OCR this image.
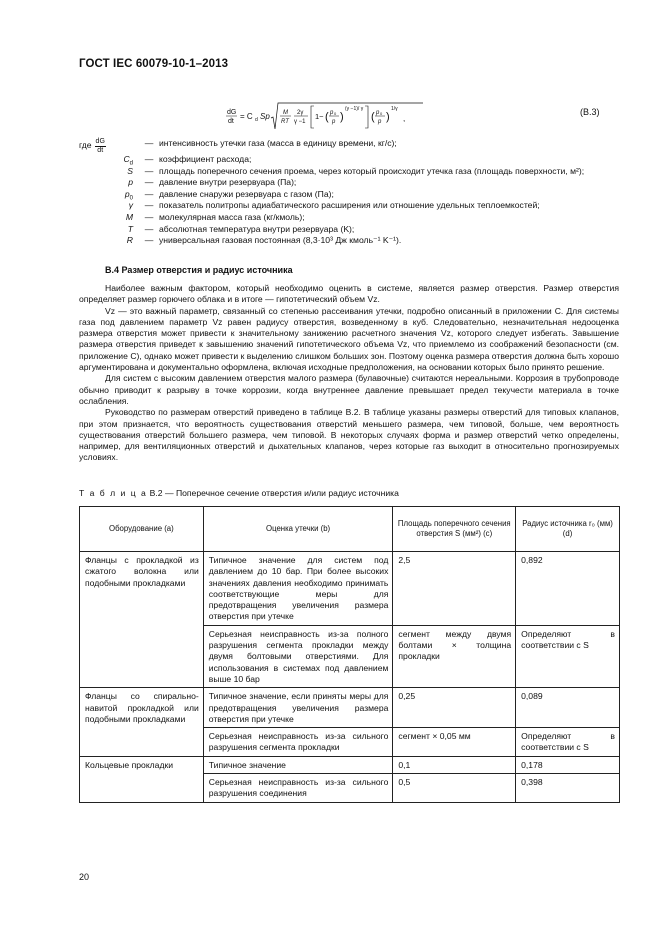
ГОСТ IEC 60079-10-1–2013
dG
dt
= C d Sp M
RT
2γ
γ −1
1− ( p 0
p )
(γ −1)/ γ
( p 0
p )
1/γ
,
(B.3)
где $\frac{dG}{dt}$	— интенсивность утечки газа (масса в единицу времени, кг/с);
$C_d$	— коэффициент расхода;
S	— площадь поперечного сечения проема, через который происходит утечка газа (площадь поверхности, м²);
p	— давление внутри резервуара (Па);
$p_0$	— давление снаружи резервуара с газом (Па);
γ	— показатель политропы адиабатического расширения или отношение удельных теплоемкостей;
M	— молекулярная масса газа (кг/кмоль);
T	— абсолютная температура внутри резервуара (K);
R	— универсальная газовая постоянная (8,3·10³ Дж кмоль⁻¹ K⁻¹).
B.4 Размер отверстия и радиус источника

Наиболее важным фактором, который необходимо оценить в системе, является размер отверстия. Размер отверстия определяет размер горючего облака и в итоге — гипотетический объем Vz.

Vz — это важный параметр, связанный со степенью рассеивания утечки, подробно описанный в приложении С. Для системы газа под давлением параметр Vz равен радиусу отверстия, возведенному в куб. Следовательно, незначительная недооценка размера отверстия может привести к значительному занижению расчетного значения Vz, которого следует избегать. Завышение размера отверстия приведет к завышению значений гипотетического объема Vz, что приемлемо из соображений безопасности (см. приложение С), однако может привести к выделению слишком больших зон. Поэтому оценка размера отверстия должна быть хорошо аргументирована и документально оформлена, включая исходные предположения, на основании которых было принято решение.

Для систем с высоким давлением отверстия малого размера (булавочные) считаются нереальными. Коррозия в трубопроводе обычно приводит к разрыву в точке коррозии, когда внутреннее давление превышает предел текучести материала в точке ослабления.

Руководство по размерам отверстий приведено в таблице B.2. В таблице указаны размеры отверстий для типовых клапанов, при этом признается, что вероятность существования отверстий меньшего размера, чем типовой, больше, чем вероятность существования отверстий большего размера, чем типовой. В некоторых случаях форма и размер отверстий четко определены, например, для вентиляционных отверстий и дыхательных клапанов, через которые газ выходит в относительно прогнозируемых условиях.

Т а б л и ц а B.2 — Поперечное сечение отверстия и/или радиус источника
Оборудование (a)	Оценка утечки (b)	Площадь поперечного сечения отверстия S (мм²) (c)	Радиус источника r₀ (мм) (d)
Фланцы с прокладкой из сжатого волокна или подобными прокладками	Типичное значение для систем под давлением до 10 бар. При более высоких значениях давления необходимо принимать соответствующие меры для предотвращения увеличения размера отверстия при утечке	2,5	0,892
	Серьезная неисправность из-за полного разрушения сегмента прокладки между двумя болтовыми отверстиями. Для использования в системах под давлением выше 10 бар	сегмент между двумя болтами × толщина прокладки	Определяют в соответствии с S
Фланцы со спирально-навитой прокладкой или подобными прокладками	Типичное значение, если приняты меры для предотвращения увеличения размера отверстия при утечке	0,25	0,089
	Серьезная неисправность из-за сильного разрушения сегмента прокладки	сегмент × 0,05 мм	Определяют в соответствии с S
Кольцевые прокладки	Типичное значение	0,1	0,178
	Серьезная неисправность из-за сильного разрушения соединения	0,5	0,398
20
